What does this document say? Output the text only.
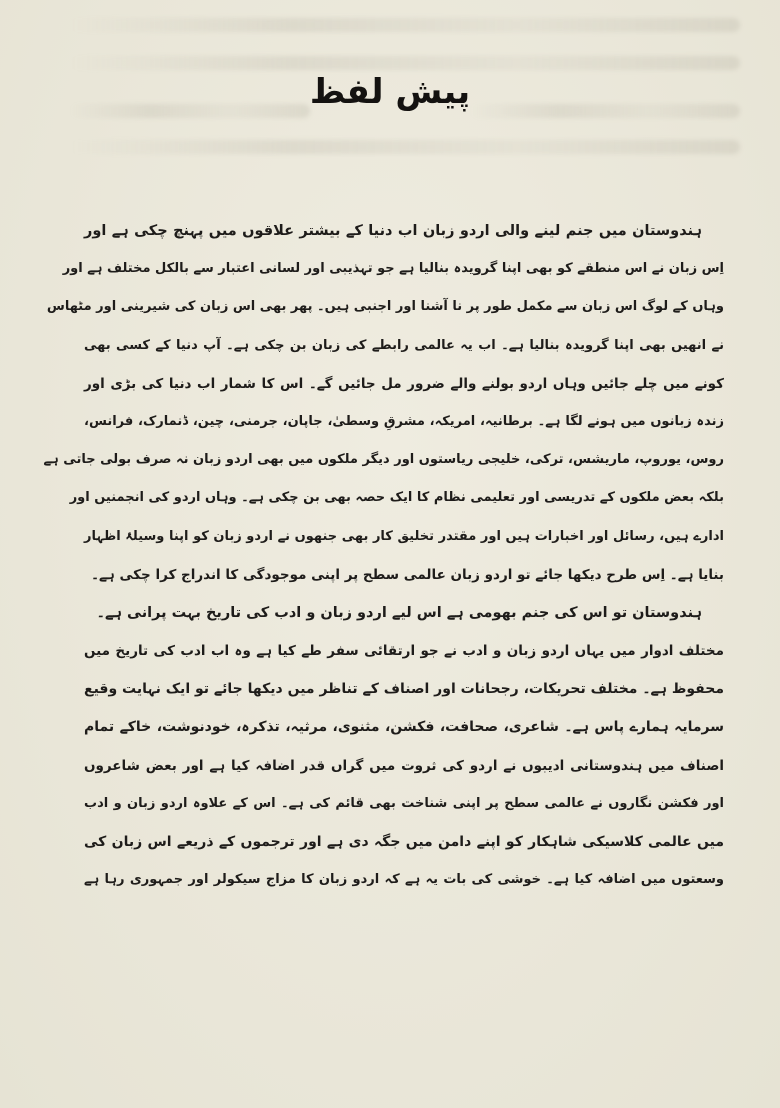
پیش لفظ
ہندوستان میں جنم لینے والی اردو زبان اب دنیا کے بیشتر علاقوں میں پہنچ چکی ہے اور
اِس زبان نے اس منطقے کو بھی اپنا گرویدہ بنالیا ہے جو تہذیبی اور لسانی اعتبار سے بالکل مختلف ہے اور
وہاں کے لوگ اس زبان سے مکمل طور پر نا آشنا اور اجنبی ہیں۔ پھر بھی اس زبان کی شیرینی اور مٹھاس
نے انھیں بھی اپنا گرویدہ بنالیا ہے۔ اب یہ عالمی رابطے کی زبان بن چکی ہے۔ آپ دنیا کے کسی بھی
کونے میں چلے جائیں وہاں اردو بولنے والے ضرور مل جائیں گے۔ اس کا شمار اب دنیا کی بڑی اور
زندہ زبانوں میں ہونے لگا ہے۔ برطانیہ، امریکہ، مشرقِ وسطیٰ، جاپان، جرمنی، چین، ڈنمارک، فرانس،
روس، یوروپ، ماریشس، ترکی، خلیجی ریاستوں اور دیگر ملکوں میں بھی اردو زبان نہ صرف بولی جاتی ہے
بلکہ بعض ملکوں کے تدریسی اور تعلیمی نظام کا ایک حصہ بھی بن چکی ہے۔ وہاں اردو کی انجمنیں اور
ادارے ہیں، رسائل اور اخبارات ہیں اور مقتدر تخلیق کار بھی جنھوں نے اردو زبان کو اپنا وسیلۂ اظہار
بنایا ہے۔ اِس طرح دیکھا جائے تو اردو زبان عالمی سطح پر اپنی موجودگی کا اندراج کرا چکی ہے۔
ہندوستان تو اس کی جنم بھومی ہے اس لیے اردو زبان و ادب کی تاریخ بہت پرانی ہے۔
مختلف ادوار میں یہاں اردو زبان و ادب نے جو ارتقائی سفر طے کیا ہے وہ اب ادب کی تاریخ میں
محفوظ ہے۔ مختلف تحریکات، رجحانات اور اصناف کے تناظر میں دیکھا جائے تو ایک نہایت وقیع
سرمایہ ہمارے پاس ہے۔ شاعری، صحافت، فکشن، مثنوی، مرثیہ، تذکرہ، خودنوشت، خاکے تمام
اصناف میں ہندوستانی ادیبوں نے اردو کی ثروت میں گراں قدر اضافہ کیا ہے اور بعض شاعروں
اور فکشن نگاروں نے عالمی سطح پر اپنی شناخت بھی قائم کی ہے۔ اس کے علاوہ اردو زبان و ادب
میں عالمی کلاسیکی شاہکار کو اپنے دامن میں جگہ دی ہے اور ترجموں کے ذریعے اس زبان کی
وسعتوں میں اضافہ کیا ہے۔ خوشی کی بات یہ ہے کہ اردو زبان کا مزاج سیکولر اور جمہوری رہا ہے
